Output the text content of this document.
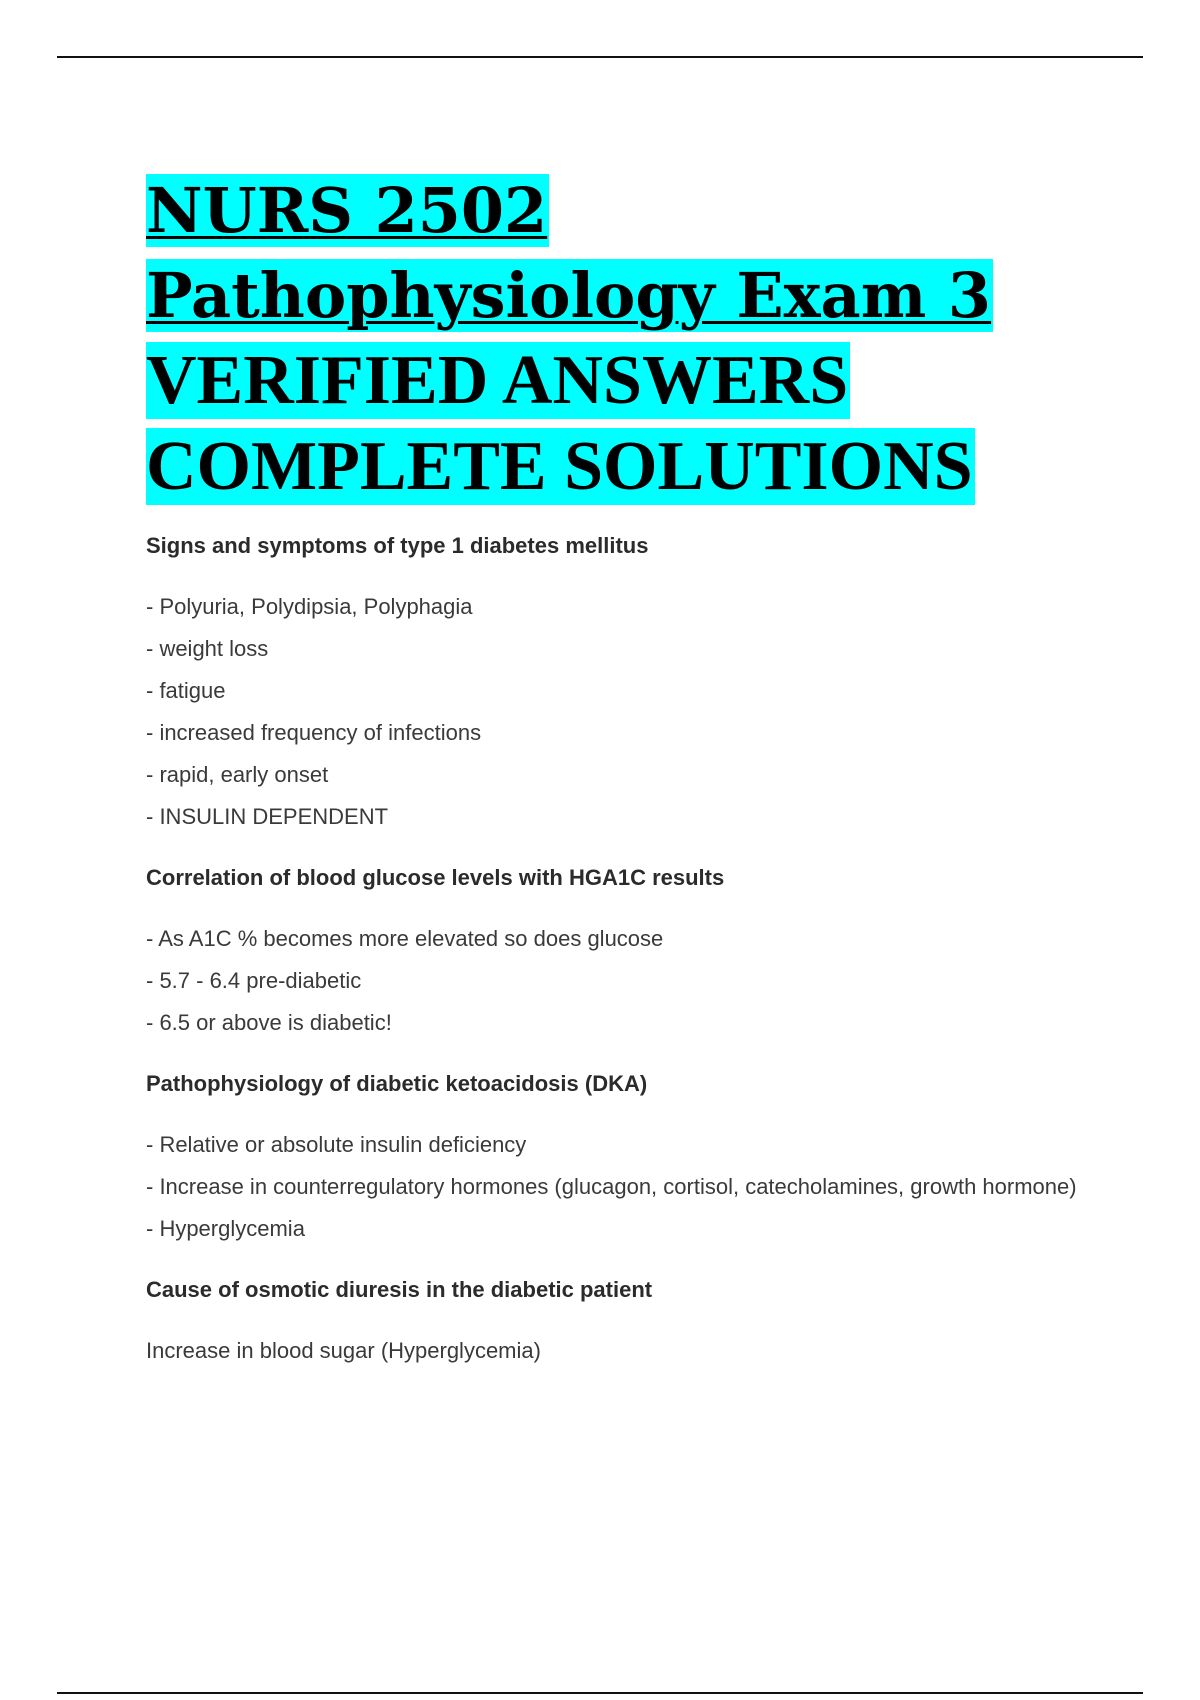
NURS 2502
Pathophysiology Exam 3
VERIFIED ANSWERS
COMPLETE SOLUTIONS

Signs and symptoms of type 1 diabetes mellitus

- Polyuria, Polydipsia, Polyphagia
- weight loss
- fatigue
- increased frequency of infections
- rapid, early onset
- INSULIN DEPENDENT

Correlation of blood glucose levels with HGA1C results

- As A1C % becomes more elevated so does glucose
- 5.7 - 6.4 pre-diabetic
- 6.5 or above is diabetic!

Pathophysiology of diabetic ketoacidosis (DKA)

- Relative or absolute insulin deficiency
- Increase in counterregulatory hormones (glucagon, cortisol, catecholamines, growth hormone)
- Hyperglycemia

Cause of osmotic diuresis in the diabetic patient

Increase in blood sugar (Hyperglycemia)
